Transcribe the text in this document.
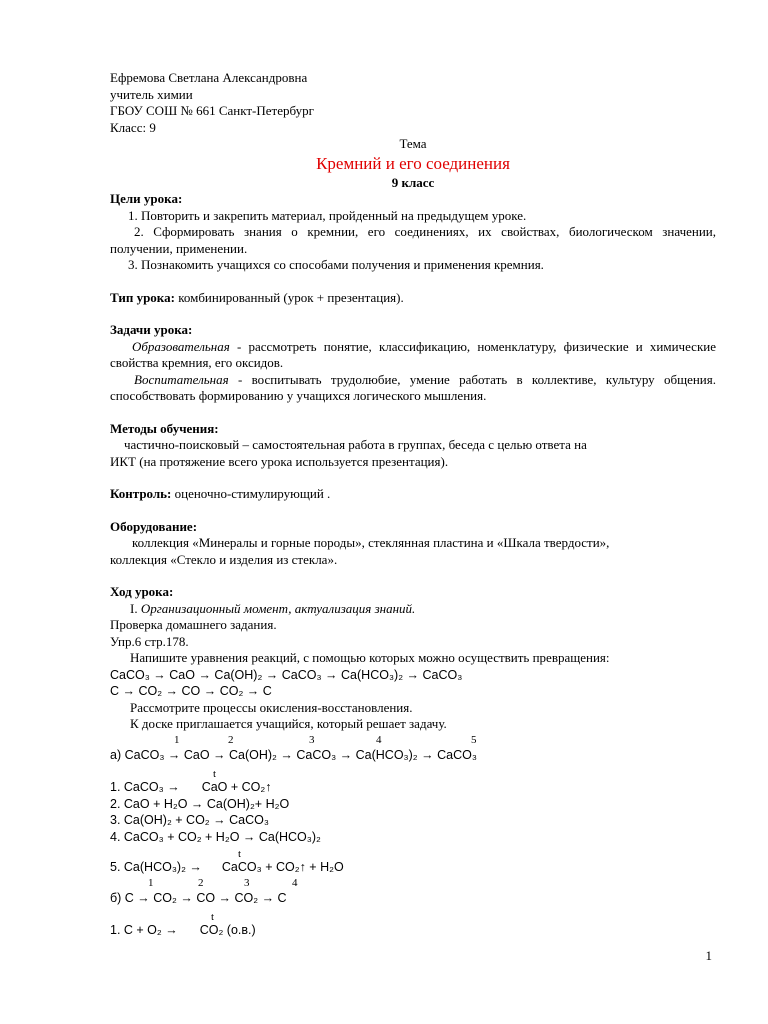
Ефремова Светлана Александровна

учитель химии

ГБОУ СОШ № 661 Санкт-Петербург

Класс: 9

Тема

Кремний и его соединения

9 класс

Цели урока:

1. Повторить и закрепить материал, пройденный на предыдущем уроке.

2. Сформировать знания о кремнии, его соединениях, их свойствах, биологическом значении, получении, применении.

3. Познакомить учащихся со способами получения и применения кремния.

Тип урока: комбинированный (урок + презентация).

Задачи урока:

Образовательная - рассмотреть понятие, классификацию, номенклатуру, физические и химические свойства кремния, его оксидов.

Воспитательная - воспитывать трудолюбие, умение работать в коллективе, культуру общения. способствовать формированию у учащихся логического мышления.

Методы обучения:

частично-поисковый – самостоятельная работа в группах, беседа с целью ответа на

ИКТ (на протяжение всего урока используется презентация).

Контроль: оценочно-стимулирующий .

Оборудование:

коллекция «Минералы и горные породы», стеклянная пластина и «Шкала твердости»,

коллекция «Стекло и изделия из стекла».

Ход урока:

I. Организационный момент, актуализация знаний.

Проверка домашнего задания.

Упр.6 стр.178.

Напишите уравнения реакций, с помощью которых можно осуществить превращения:

CaCO₃ → CaO → Ca(OH)₂ → CaCO₃ → Ca(HCO₃)₂ → CaCO₃

C → CO₂ → CO → CO₂ → C

Рассмотрите процессы окисления-восстановления.

К доске приглашается учащийся, который решает задачу.

1	2	3	4	5

а) CaCO₃ → CaO → Ca(OH)₂ → CaCO₃ → Ca(HCO₃)₂ → CaCO₃

t

1. CaCO₃ → CaO + CO₂↑

2. CaO + H₂O → Ca(OH)₂+ H₂O

3. Ca(OH)₂ + CO₂ → CaCO₃

4. CaCO₃ + CO₂ + H₂O → Ca(HCO₃)₂

t

5. Ca(HCO₃)₂ → CaCO₃ + CO₂↑ + H₂O

1	2	3	4

б) C → CO₂ → CO → CO₂ → C

t

1. C + O₂ → CO₂ (о.в.)

1
